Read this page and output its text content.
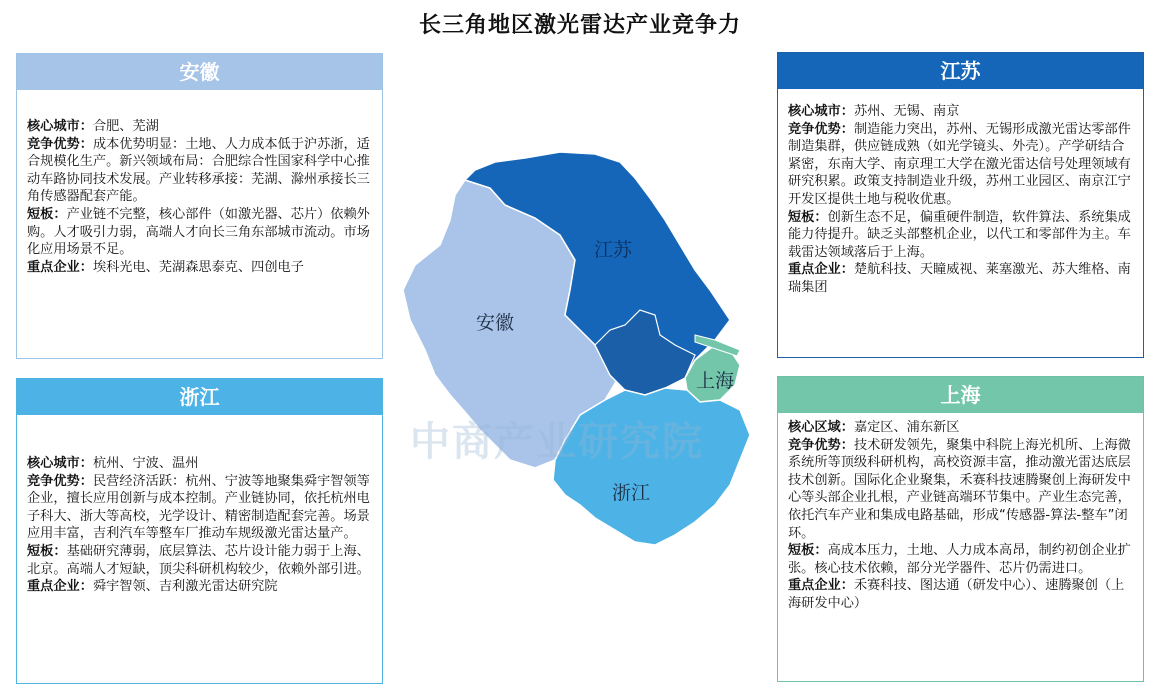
长三角地区激光雷达产业竞争力
中商产业研究院
江苏
安徽
上海
浙江
安徽

核心城市：合肥、芜湖

竞争优势：成本优势明显：土地、人力成本低于沪苏浙，适合规模化生产。新兴领域布局：合肥综合性国家科学中心推动车路协同技术发展。产业转移承接：芜湖、滁州承接长三角传感器配套产能。

短板：产业链不完整，核心部件（如激光器、芯片）依赖外购。人才吸引力弱，高端人才向长三角东部城市流动。市场化应用场景不足。

重点企业：埃科光电、芜湖森思泰克、四创电子

浙江

核心城市：杭州、宁波、温州

竞争优势：民营经济活跃：杭州、宁波等地聚集舜宇智领等企业，擅长应用创新与成本控制。产业链协同，依托杭州电子科大、浙大等高校，光学设计、精密制造配套完善。场景应用丰富，吉利汽车等整车厂推动车规级激光雷达量产。

短板：基础研究薄弱，底层算法、芯片设计能力弱于上海、北京。高端人才短缺，顶尖科研机构较少，依赖外部引进。

重点企业：舜宇智领、吉利激光雷达研究院

江苏

核心城市：苏州、无锡、南京

竞争优势：制造能力突出，苏州、无锡形成激光雷达零部件制造集群，供应链成熟（如光学镜头、外壳）。产学研结合紧密，东南大学、南京理工大学在激光雷达信号处理领域有研究积累。政策支持制造业升级，苏州工业园区、南京江宁开发区提供土地与税收优惠。

短板：创新生态不足，偏重硬件制造，软件算法、系统集成能力待提升。缺乏头部整机企业，以代工和零部件为主。车载雷达领域落后于上海。

重点企业：楚航科技、天瞳威视、莱塞激光、苏大维格、南瑞集团

上海

核心区域：嘉定区、浦东新区

竞争优势：技术研发领先，聚集中科院上海光机所、上海微系统所等顶级科研机构，高校资源丰富，推动激光雷达底层技术创新。国际化企业聚集，禾赛科技速腾聚创上海研发中心等头部企业扎根，产业链高端环节集中。产业生态完善，依托汽车产业和集成电路基础，形成“传感器-算法-整车”闭环。

短板：高成本压力，土地、人力成本高昂，制约初创企业扩张。核心技术依赖，部分光学器件、芯片仍需进口。

重点企业：禾赛科技、图达通（研发中心）、速腾聚创（上海研发中心）
